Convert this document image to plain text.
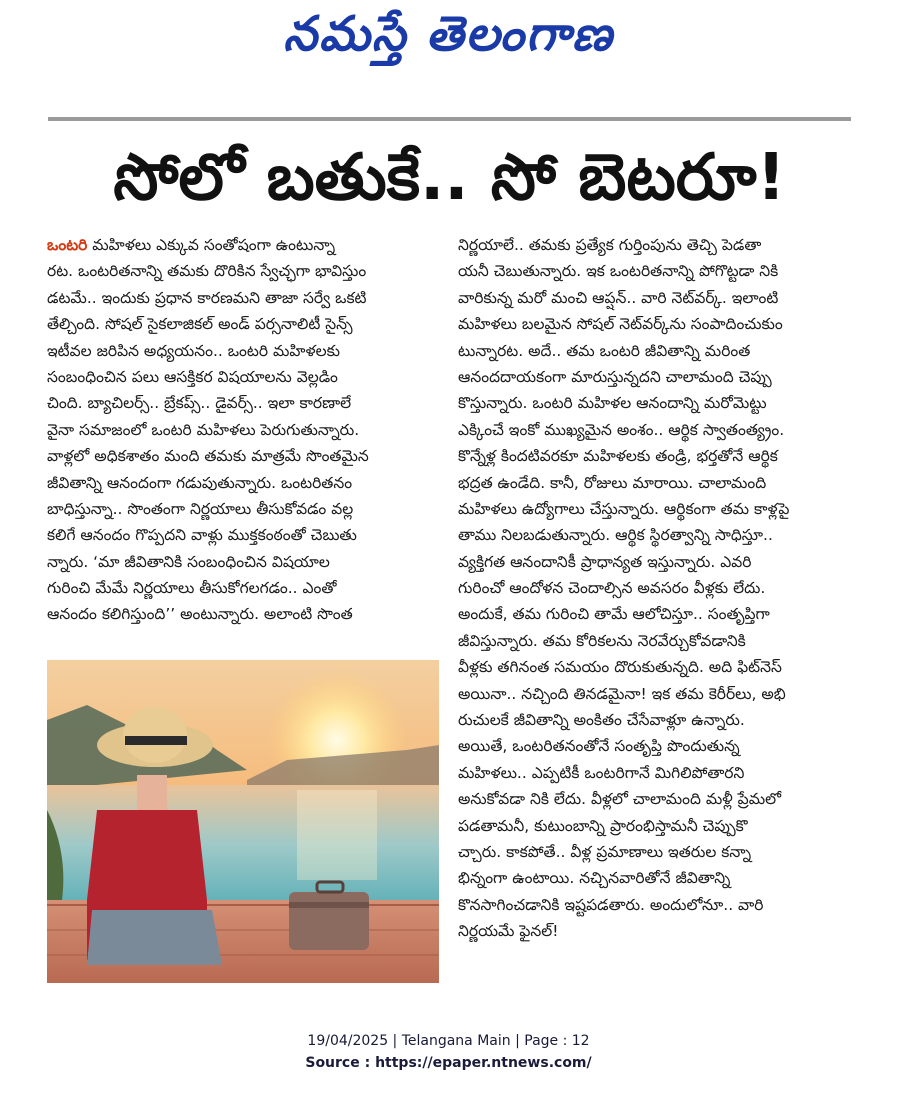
నమస్తే తెలంగాణ
సోలో బతుకే.. సో బెటరూ!
ఒంటరి మహిళలు ఎక్కువ సంతోషంగా ఉంటున్నా
రట. ఒంటరితనాన్ని తమకు దొరికిన స్వేచ్ఛగా భావిస్తుం
డటమే.. ఇందుకు ప్రధాన కారణమని తాజా సర్వే ఒకటి
తేల్చింది. సోషల్ సైకలాజికల్ అండ్ పర్సనాలిటీ సైన్స్
ఇటీవల జరిపిన అధ్యయనం.. ఒంటరి మహిళలకు
సంబంధించిన పలు ఆసక్తికర విషయాలను వెల్లడిం
చింది. బ్యాచిలర్స్.. బ్రేకప్స్.. డైవర్స్.. ఇలా కారణాలే
వైనా సమాజంలో ఒంటరి మహిళలు పెరుగుతున్నారు.
వాళ్లలో అధికశాతం మంది తమకు మాత్రమే సొంతమైన
జీవితాన్ని ఆనందంగా గడుపుతున్నారు. ఒంటరితనం
బాధిస్తున్నా.. సొంతంగా నిర్ణయాలు తీసుకోవడం వల్ల
కలిగే ఆనందం గొప్పదని వాళ్లు ముక్తకంఠంతో చెబుతు
న్నారు. ‘మా జీవితానికి సంబంధించిన విషయాల
గురించి మేమే నిర్ణయాలు తీసుకోగలగడం.. ఎంతో
ఆనందం కలిగిస్తుంది’’ అంటున్నారు. అలాంటి సొంత
నిర్ణయాలే.. తమకు ప్రత్యేక గుర్తింపును తెచ్చి పెడతా
యనీ చెబుతున్నారు. ఇక ఒంటరితనాన్ని పోగొట్టడా నికి
వారికున్న మరో మంచి ఆప్షన్.. వారి నెట్‌వర్క్. ఇలాంటి
మహిళలు బలమైన సోషల్ నెట్‌వర్క్‌ను సంపాదించుకుం
టున్నారట. అదే.. తమ ఒంటరి జీవితాన్ని మరింత
ఆనందదాయకంగా మారుస్తున్నదని చాలామంది చెప్పు
కొస్తున్నారు. ఒంటరి మహిళల ఆనందాన్ని మరోమెట్టు
ఎక్కించే ఇంకో ముఖ్యమైన అంశం.. ఆర్థిక స్వాతంత్య్రం.
కొన్నేళ్ల కిందటివరకూ మహిళలకు తండ్రి, భర్తతోనే ఆర్థిక
భద్రత ఉండేది. కానీ, రోజులు మారాయి. చాలామంది
మహిళలు ఉద్యోగాలు చేస్తున్నారు. ఆర్థికంగా తమ కాళ్లపై
తాము నిలబడుతున్నారు. ఆర్థిక స్థిరత్వాన్ని సాధిస్తూ..
వ్యక్తిగత ఆనందానికీ ప్రాధాన్యత ఇస్తున్నారు. ఎవరి
గురించో ఆందోళన చెందాల్సిన అవసరం వీళ్లకు లేదు.
అందుకే, తమ గురించి తామే ఆలోచిస్తూ.. సంతృప్తిగా
జీవిస్తున్నారు. తమ కోరికలను నెరవేర్చుకోవడానికి
వీళ్లకు తగినంత సమయం దొరుకుతున్నది. అది ఫిట్‌నెస్
అయినా.. నచ్చింది తినడమైనా! ఇక తమ కెరీర్‌లు, అభి
రుచులకే జీవితాన్ని అంకితం చేసేవాళ్లూ ఉన్నారు.
అయితే, ఒంటరితనంతోనే సంతృప్తి పొందుతున్న
మహిళలు.. ఎప్పటికీ ఒంటరిగానే మిగిలిపోతారని
అనుకోవడా నికి లేదు. వీళ్లలో చాలామంది మళ్లీ ప్రేమలో
పడతామనీ, కుటుంబాన్ని ప్రారంభిస్తామనీ చెప్పుకొ
చ్చారు. కాకపోతే.. వీళ్ల ప్రమాణాలు ఇతరుల కన్నా
భిన్నంగా ఉంటాయి. నచ్చినవారితోనే జీవితాన్ని
కొనసాగించడానికి ఇష్టపడతారు. అందులోనూ.. వారి
నిర్ణయమే ఫైనల్!
19/04/2025 | Telangana Main | Page : 12
Source : https://epaper.ntnews.com/
